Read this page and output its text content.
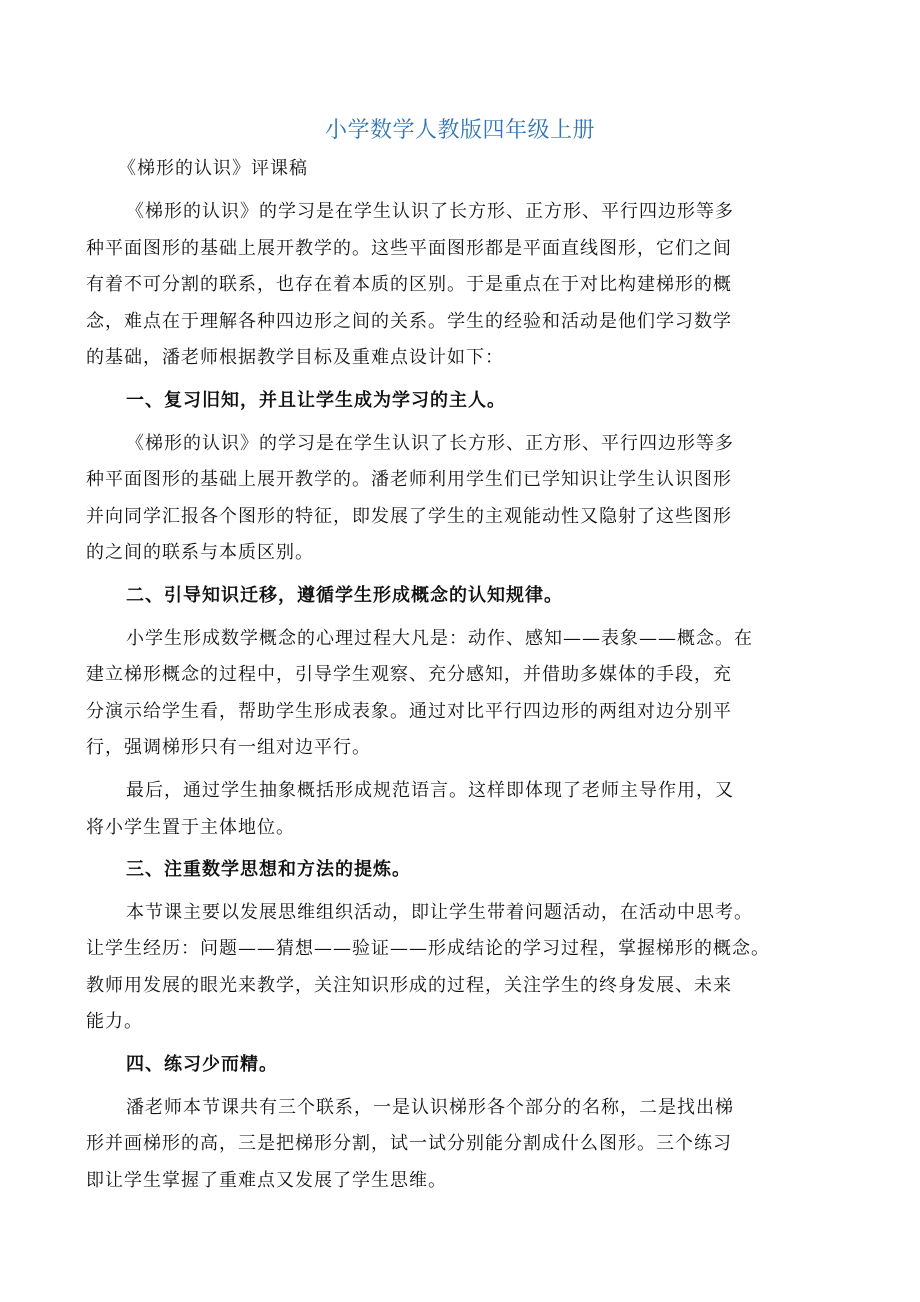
小学数学人教版四年级上册
《梯形的认识》评课稿
《梯形的认识》的学习是在学生认识了长方形、正方形、平行四边形等多
种平面图形的基础上展开教学的。这些平面图形都是平面直线图形，它们之间
有着不可分割的联系，也存在着本质的区别。于是重点在于对比构建梯形的概
念，难点在于理解各种四边形之间的关系。学生的经验和活动是他们学习数学
的基础，潘老师根据教学目标及重难点设计如下：
一、复习旧知，并且让学生成为学习的主人。
《梯形的认识》的学习是在学生认识了长方形、正方形、平行四边形等多
种平面图形的基础上展开教学的。潘老师利用学生们已学知识让学生认识图形
并向同学汇报各个图形的特征，即发展了学生的主观能动性又隐射了这些图形
的之间的联系与本质区别。
二、引导知识迁移，遵循学生形成概念的认知规律。
小学生形成数学概念的心理过程大凡是：动作、感知——表象——概念。在
建立梯形概念的过程中，引导学生观察、充分感知，并借助多媒体的手段，充
分演示给学生看，帮助学生形成表象。通过对比平行四边形的两组对边分别平
行，强调梯形只有一组对边平行。
最后，通过学生抽象概括形成规范语言。这样即体现了老师主导作用，又
将小学生置于主体地位。
三、注重数学思想和方法的提炼。
本节课主要以发展思维组织活动，即让学生带着问题活动，在活动中思考。
让学生经历：问题——猜想——验证——形成结论的学习过程，掌握梯形的概念。
教师用发展的眼光来教学，关注知识形成的过程，关注学生的终身发展、未来
能力。
四、练习少而精。
潘老师本节课共有三个联系，一是认识梯形各个部分的名称，二是找出梯
形并画梯形的高，三是把梯形分割，试一试分别能分割成什么图形。三个练习
即让学生掌握了重难点又发展了学生思维。
